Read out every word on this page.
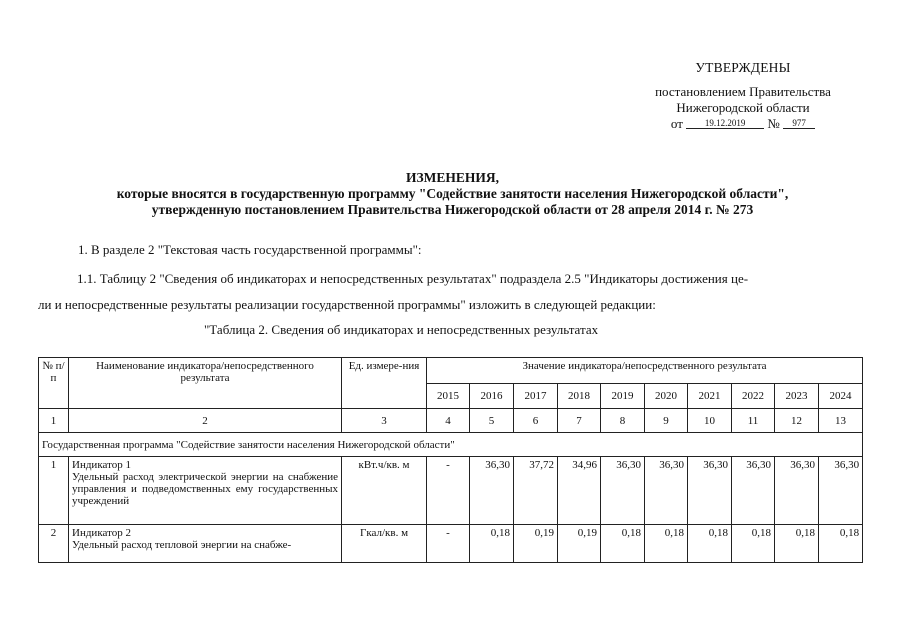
УТВЕРЖДЕНЫ
постановлением Правительства
Нижегородской области
от 19.12.2019 № 977
ИЗМЕНЕНИЯ,
которые вносятся в государственную программу "Содействие занятости населения Нижегородской области",
утвержденную постановлением Правительства Нижегородской области от 28 апреля 2014 г. № 273
1. В разделе 2 "Текстовая часть государственной программы":
1.1. Таблицу 2 "Сведения об индикаторах и непосредственных результатах" подраздела 2.5 "Индикаторы достижения це-
ли и непосредственные результаты реализации государственной программы" изложить в следующей редакции:
"Таблица 2. Сведения об индикаторах и непосредственных результатах
№ п/п	Наименование индикатора/непосредственного результата	Ед. измере-ния	Значение индикатора/непосредственного результата									
			2015	2016	2017	2018	2019	2020	2021	2022	2023	2024
1	2	3	4	5	6	7	8	9	10	11	12	13
Государственная программа "Содействие занятости населения Нижегородской области"												
1	Индикатор 1
Удельный расход электрической энергии на снабжение управления и подведомственных ему государственных учреждений	кВт.ч/кв. м	-	36,30	37,72	34,96	36,30	36,30	36,30	36,30	36,30	36,30
2	Индикатор 2
Удельный расход тепловой энергии на снабже-	Гкал/кв. м	-	0,18	0,19	0,19	0,18	0,18	0,18	0,18	0,18	0,18
